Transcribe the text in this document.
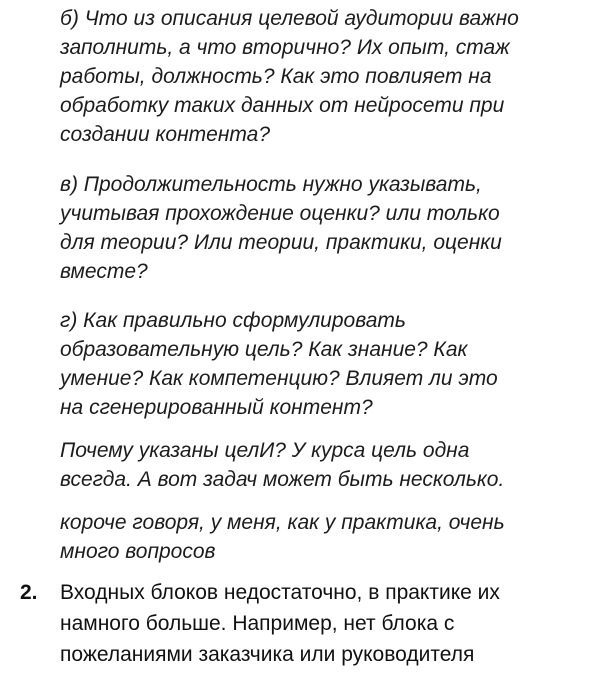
б) Что из описания целевой аудитории важно
заполнить, а что вторично? Их опыт, стаж
работы, должность? Как это повлияет на
обработку таких данных от нейросети при
создании контента?
в) Продолжительность нужно указывать,
учитывая прохождение оценки? или только
для теории? Или теории, практики, оценки
вместе?
г) Как правильно сформулировать
образовательную цель? Как знание? Как
умение? Как компетенцию? Влияет ли это
на сгенерированный контент?
Почему указаны целИ? У курса цель одна
всегда. А вот задач может быть несколько.
короче говоря, у меня, как у практика, очень
много вопросов
2. Входных блоков недостаточно, в практике их
намного больше. Например, нет блока с
пожеланиями заказчика или руководителя
